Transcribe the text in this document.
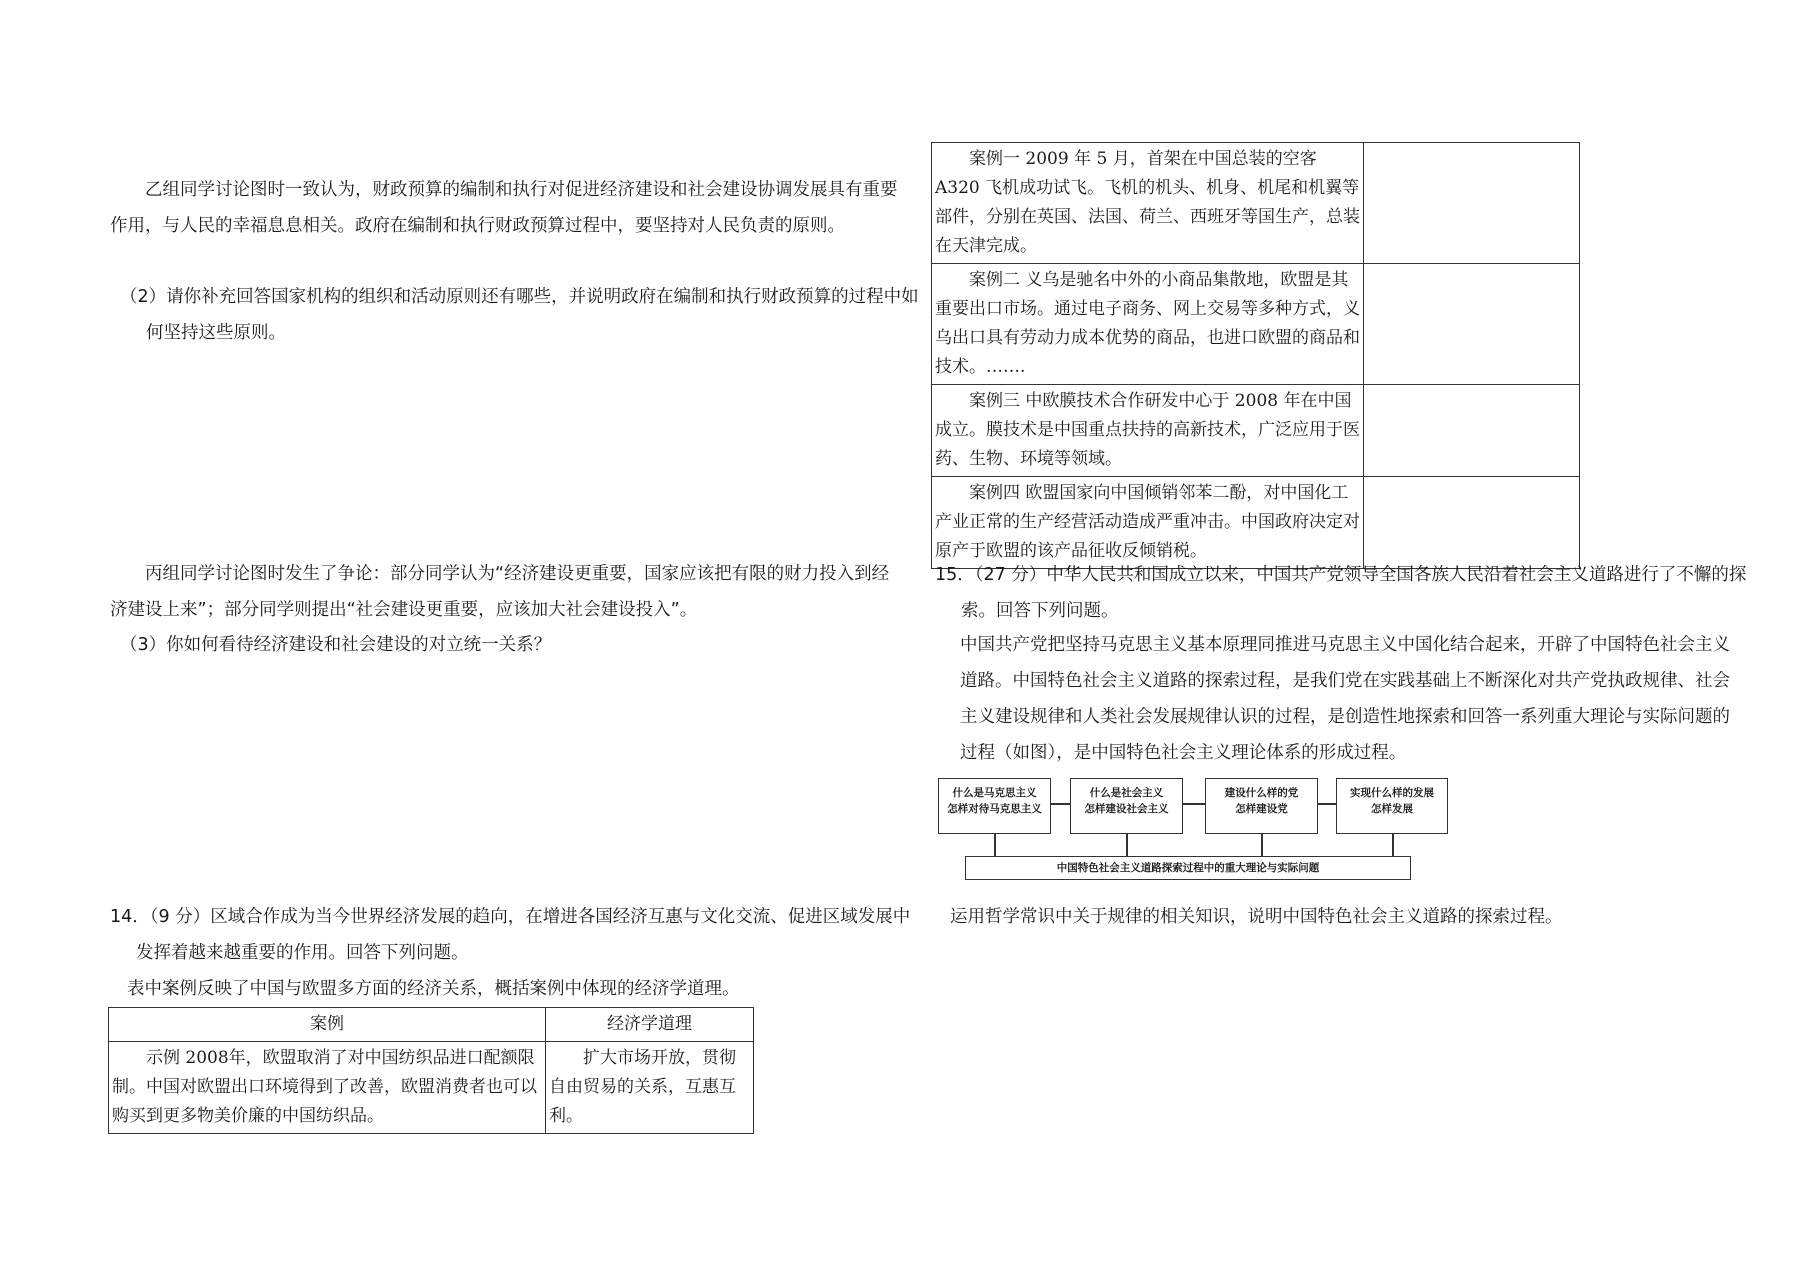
乙组同学讨论图时一致认为，财政预算的编制和执行对促进经济建设和社会建设协调发展具有重要作用，与人民的幸福息息相关。政府在编制和执行财政预算过程中，要坚持对人民负责的原则。

（2）请你补充回答国家机构的组织和活动原则还有哪些，并说明政府在编制和执行财政预算的过程中如何坚持这些原则。

丙组同学讨论图时发生了争论：部分同学认为“经济建设更重要，国家应该把有限的财力投入到经济建设上来”；部分同学则提出“社会建设更重要，应该加大社会建设投入”。

（3）你如何看待经济建设和社会建设的对立统一关系？

14．（9 分）区域合作成为当今世界经济发展的趋向，在增进各国经济互惠与文化交流、促进区域发展中发挥着越来越重要的作用。回答下列问题。

表中案例反映了中国与欧盟多方面的经济关系，概括案例中体现的经济学道理。

案例	经济学道理
示例 2008年，欧盟取消了对中国纺织品进口配额限制。中国对欧盟出口环境得到了改善，欧盟消费者也可以购买到更多物美价廉的中国纺织品。	扩大市场开放，贯彻自由贸易的关系，互惠互利。
案例一 2009 年 5 月，首架在中国总装的空客A320 飞机成功试飞。飞机的机头、机身、机尾和机翼等部件，分别在英国、法国、荷兰、西班牙等国生产，总装在天津完成。	
案例二 义乌是驰名中外的小商品集散地，欧盟是其重要出口市场。通过电子商务、网上交易等多种方式，义乌出口具有劳动力成本优势的商品，也进口欧盟的商品和技术。…….	
案例三 中欧膜技术合作研发中心于 2008 年在中国成立。膜技术是中国重点扶持的高新技术，广泛应用于医药、生物、环境等领域。	
案例四 欧盟国家向中国倾销邻苯二酚，对中国化工产业正常的生产经营活动造成严重冲击。中国政府决定对原产于欧盟的该产品征收反倾销税。	

15．（27 分）中华人民共和国成立以来，中国共产党领导全国各族人民沿着社会主义道路进行了不懈的探索。回答下列问题。

中国共产党把坚持马克思主义基本原理同推进马克思主义中国化结合起来，开辟了中国特色社会主义道路。中国特色社会主义道路的探索过程，是我们党在实践基础上不断深化对共产党执政规律、社会主义建设规律和人类社会发展规律认识的过程，是创造性地探索和回答一系列重大理论与实际问题的过程（如图），是中国特色社会主义理论体系的形成过程。

什么是马克思主义
怎样对待马克思主义
什么是社会主义
怎样建设社会主义
建设什么样的党
怎样建设党
实现什么样的发展
怎样发展
中国特色社会主义道路探索过程中的重大理论与实际问题

运用哲学常识中关于规律的相关知识，说明中国特色社会主义道路的探索过程。
